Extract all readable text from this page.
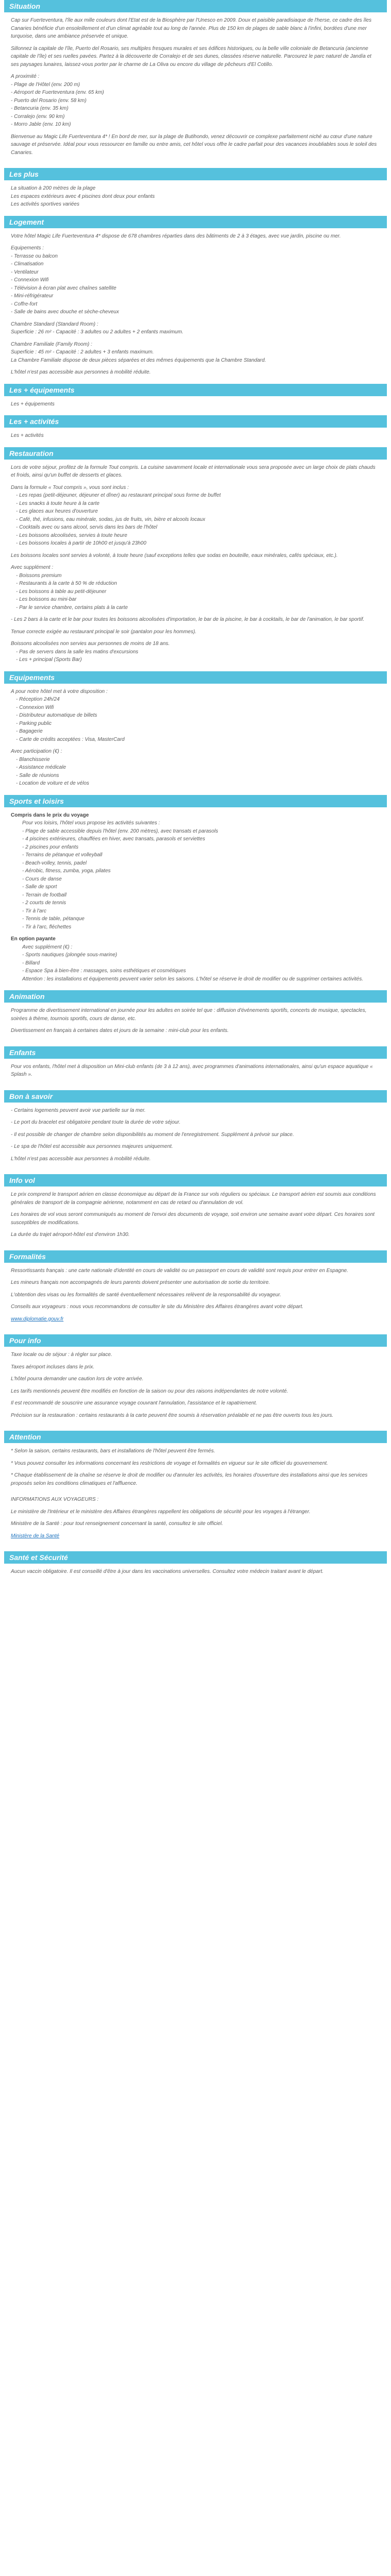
Situation

Cap sur Fuerteventura, l'île aux mille couleurs dont l'Etat est de la Biosphère par l'Unesco en 2009. Doux et paisible paradisiaque de l'herse, ce cadre des îles Canaries bénéficie d'un ensoleillement et d'un climat agréable tout au long de l'année. Plus de 150 km de plages de sable blanc à l'infini, bordées d'une mer turquoise, dans une ambiance préservée et unique.

Sillonnez la capitale de l'île, Puerto del Rosario, ses multiples fresques murales et ses édifices historiques, ou la belle ville coloniale de Betancuria (ancienne capitale de l'île) et ses ruelles pavées. Partez à la découverte de Corralejo et de ses dunes, classées réserve naturelle. Parcourez le parc naturel de Jandía et ses paysages lunaires, laissez-vous porter par le charme de La Oliva ou encore du village de pêcheurs d'El Cotillo.

A proximité :
- Plage de l'Hôtel (env. 200 m)
- Aéroport de Fuerteventura (env. 65 km)
- Puerto del Rosario (env. 58 km)
- Betancuria (env. 35 km)
- Corralejo (env. 90 km)
- Morro Jable (env. 10 km)

Bienvenue au Magic Life Fuerteventura 4* ! En bord de mer, sur la plage de Butihondo, venez découvrir ce complexe parfaitement niché au cœur d'une nature sauvage et préservée. Idéal pour vous ressourcer en famille ou entre amis, cet hôtel vous offre le cadre parfait pour des vacances inoubliables sous le soleil des Canaries.

Les plus
La situation à 200 mètres de la plage
Les espaces extérieurs avec 4 piscines dont deux pour enfants
Les activités sportives variées
Logement

Votre hôtel Magic Life Fuerteventura 4* dispose de 678 chambres réparties dans des bâtiments de 2 à 3 étages, avec vue jardin, piscine ou mer.

Equipements :
- Terrasse ou balcon
- Climatisation
- Ventilateur
- Connexion Wifi
- Télévision à écran plat avec chaînes satellite
- Mini-réfrigérateur
- Coffre-fort
- Salle de bains avec douche et sèche-cheveux
Chambre Standard (Standard Room) :
Superficie : 26 m² - Capacité : 3 adultes ou 2 adultes + 2 enfants maximum.
Chambre Familiale (Family Room) :
Superficie : 45 m² - Capacité : 2 adultes + 3 enfants maximum.
La Chambre Familiale dispose de deux pièces séparées et des mêmes équipements que la Chambre Standard.
L'hôtel n'est pas accessible aux personnes à mobilité réduite.
Les + équipements
Les + équipements
Les + activités
Les + activités
Restauration

Lors de votre séjour, profitez de la formule Tout compris. La cuisine savamment locale et internationale vous sera proposée avec un large choix de plats chauds et froids, ainsi qu'un buffet de desserts et glaces.

Dans la formule « Tout compris », vous sont inclus :
- Les repas (petit-déjeuner, déjeuner et dîner) au restaurant principal sous forme de buffet
- Les snacks à toute heure à la carte
- Les glaces aux heures d'ouverture
- Café, thé, infusions, eau minérale, sodas, jus de fruits, vin, bière et alcools locaux
- Cocktails avec ou sans alcool, servis dans les bars de l'hôtel
- Les boissons alcoolisées, servies à toute heure
- Les boissons locales à partir de 10h00 et jusqu'à 23h00

Les boissons locales sont servies à volonté, à toute heure (sauf exceptions telles que sodas en bouteille, eaux minérales, cafés spéciaux, etc.).

Avec supplément :
- Boissons premium
- Restaurants à la carte à 50 % de réduction
- Les boissons à table au petit-déjeuner
- Les boissons au mini-bar
- Par le service chambre, certains plats à la carte

- Les 2 bars à la carte et le bar pour toutes les boissons alcoolisées d'importation, le bar de la piscine, le bar à cocktails, le bar de l'animation, le bar sportif.

Tenue correcte exigée au restaurant principal le soir (pantalon pour les hommes).

Boissons alcoolisées non servies aux personnes de moins de 18 ans.
- Pas de servers dans la salle les matins d'excursions
- Les + principal (Sports Bar)
Equipements
A pour notre hôtel met à votre disposition :
- Réception 24h/24
- Connexion Wifi
- Distributeur automatique de billets
- Parking public
- Bagagerie
- Carte de crédits acceptées : Visa, MasterCard
Avec participation (€) :
- Blanchisserie
- Assistance médicale
- Salle de réunions
- Location de voiture et de vélos
Sports et loisirs
Compris dans le prix du voyage
Pour vos loisirs, l'hôtel vous propose les activités suivantes :
- Plage de sable accessible depuis l'hôtel (env. 200 mètres), avec transats et parasols
- 4 piscines extérieures, chauffées en hiver, avec transats, parasols et serviettes
- 2 piscines pour enfants
- Terrains de pétanque et volleyball
- Beach-volley, tennis, padel
- Aérobic, fitness, zumba, yoga, pilates
- Cours de danse
- Salle de sport
- Terrain de football
- 2 courts de tennis
- Tir à l'arc
- Tennis de table, pétanque
- Tir à l'arc, fléchettes
En option payante
Avec supplément (€) :
- Sports nautiques (plongée sous-marine)
- Billard
- Espace Spa à bien-être : massages, soins esthétiques et cosmétiques
Attention : les installations et équipements peuvent varier selon les saisons. L'hôtel se réserve le droit de modifier ou de supprimer certaines activités.
Animation

Programme de divertissement international en journée pour les adultes en soirée tel que : diffusion d'événements sportifs, concerts de musique, spectacles, soirées à thème, tournois sportifs, cours de danse, etc.

Divertissement en français à certaines dates et jours de la semaine : mini-club pour les enfants.

Enfants

Pour vos enfants, l'hôtel met à disposition un Mini-club enfants (de 3 à 12 ans), avec programmes d'animations internationales, ainsi qu'un espace aquatique « Splash ».

Bon à savoir

- Certains logements peuvent avoir vue partielle sur la mer.

- Le port du bracelet est obligatoire pendant toute la durée de votre séjour.

- Il est possible de changer de chambre selon disponibilités au moment de l'enregistrement. Supplément à prévoir sur place.

- Le spa de l'hôtel est accessible aux personnes majeures uniquement.

L'hôtel n'est pas accessible aux personnes à mobilité réduite.

Info vol

Le prix comprend le transport aérien en classe économique au départ de la France sur vols réguliers ou spéciaux. Le transport aérien est soumis aux conditions générales de transport de la compagnie aérienne, notamment en cas de retard ou d'annulation de vol.

Les horaires de vol vous seront communiqués au moment de l'envoi des documents de voyage, soit environ une semaine avant votre départ. Ces horaires sont susceptibles de modifications.

La durée du trajet aéroport-hôtel est d'environ 1h30.

Formalités

Ressortissants français : une carte nationale d'identité en cours de validité ou un passeport en cours de validité sont requis pour entrer en Espagne.

Les mineurs français non accompagnés de leurs parents doivent présenter une autorisation de sortie du territoire.

L'obtention des visas ou les formalités de santé éventuellement nécessaires relèvent de la responsabilité du voyageur.

Conseils aux voyageurs : nous vous recommandons de consulter le site du Ministère des Affaires étrangères avant votre départ.

www.diplomatie.gouv.fr

Pour info

Taxe locale ou de séjour : à régler sur place.

Taxes aéroport incluses dans le prix.

L'hôtel pourra demander une caution lors de votre arrivée.

Les tarifs mentionnés peuvent être modifiés en fonction de la saison ou pour des raisons indépendantes de notre volonté.

Il est recommandé de souscrire une assurance voyage couvrant l'annulation, l'assistance et le rapatriement.

Précision sur la restauration : certains restaurants à la carte peuvent être soumis à réservation préalable et ne pas être ouverts tous les jours.

Attention

* Selon la saison, certains restaurants, bars et installations de l'hôtel peuvent être fermés.

* Vous pouvez consulter les informations concernant les restrictions de voyage et formalités en vigueur sur le site officiel du gouvernement.

* Chaque établissement de la chaîne se réserve le droit de modifier ou d'annuler les activités, les horaires d'ouverture des installations ainsi que les services proposés selon les conditions climatiques et l'affluence.

INFORMATIONS AUX VOYAGEURS :

Le ministère de l'Intérieur et le ministère des Affaires étrangères rappellent les obligations de sécurité pour les voyages à l'étranger.

Ministère de la Santé : pour tout renseignement concernant la santé, consultez le site officiel.

Ministère de la Santé

Santé et Sécurité

Aucun vaccin obligatoire. Il est conseillé d'être à jour dans les vaccinations universelles. Consultez votre médecin traitant avant le départ.
